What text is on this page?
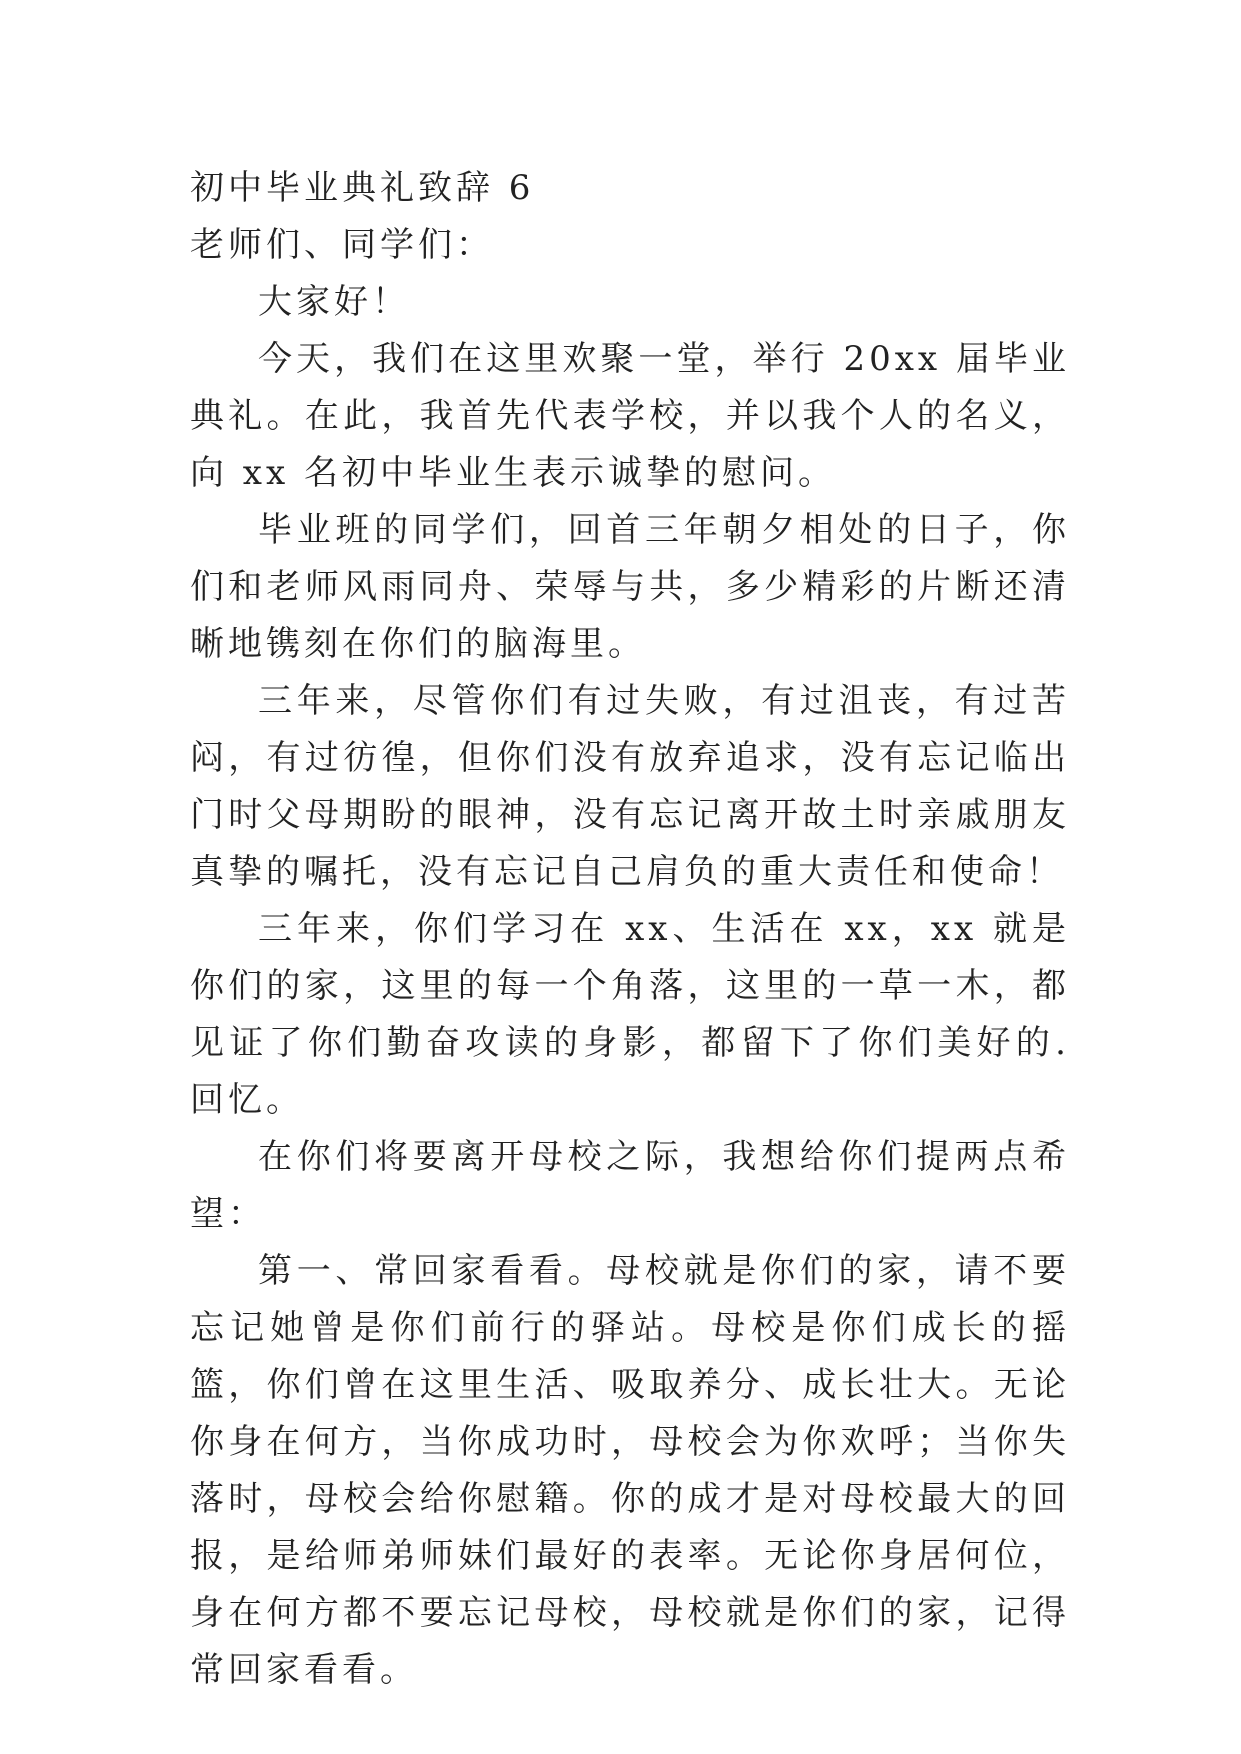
初中毕业典礼致辞 6

老师们、同学们：

大家好！

今天，我们在这里欢聚一堂，举行 20xx 届毕业典礼。在此，我首先代表学校，并以我个人的名义，向 xx 名初中毕业生表示诚挚的慰问。

毕业班的同学们，回首三年朝夕相处的日子，你们和老师风雨同舟、荣辱与共，多少精彩的片断还清晰地镌刻在你们的脑海里。

三年来，尽管你们有过失败，有过沮丧，有过苦闷，有过彷徨，但你们没有放弃追求，没有忘记临出门时父母期盼的眼神，没有忘记离开故土时亲戚朋友真挚的嘱托，没有忘记自己肩负的重大责任和使命！

三年来，你们学习在 xx、生活在 xx，xx 就是你们的家，这里的每一个角落，这里的一草一木，都见证了你们勤奋攻读的身影，都留下了你们美好的. 回忆。

在你们将要离开母校之际，我想给你们提两点希望：

第一、常回家看看。母校就是你们的家，请不要忘记她曾是你们前行的驿站。母校是你们成长的摇篮，你们曾在这里生活、吸取养分、成长壮大。无论你身在何方，当你成功时，母校会为你欢呼；当你失落时，母校会给你慰籍。你的成才是对母校最大的回报，是给师弟师妹们最好的表率。无论你身居何位，身在何方都不要忘记母校，母校就是你们的家，记得常回家看看。
